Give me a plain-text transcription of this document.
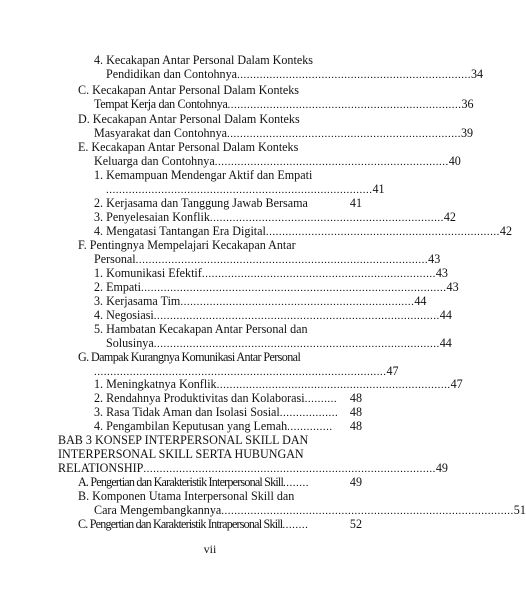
4. Kecakapan Antar Personal Dalam Konteks
Pendidikan dan Contohnya ........................................................................ 34
C. Kecakapan Antar Personal Dalam Konteks
Tempat Kerja dan Contohnya ........................................................................ 36
D. Kecakapan Antar Personal Dalam Konteks
Masyarakat dan Contohnya ........................................................................ 39
E. Kecakapan Antar Personal Dalam Konteks
Keluarga dan Contohnya ........................................................................ 40
1. Kemampuan Mendengar Aktif dan Empati
.................................................................................. 41
2. Kerjasama dan Tanggung Jawab Bersama	41
3. Penyelesaian Konflik ........................................................................ 42
4. Mengatasi Tantangan Era Digital ........................................................................ 42
F. Pentingnya Mempelajari Kecakapan Antar
Personal .......................................................................................... 43
1. Komunikasi Efektif ........................................................................ 43
2. Empati .............................................................................................. 43
3. Kerjasama Tim ........................................................................ 44
4. Negosiasi ........................................................................................ 44
5. Hambatan Kecakapan Antar Personal dan
Solusinya ........................................................................................ 44
G. Dampak Kurangnya Komunikasi Antar Personal
.......................................................................................... 47
1. Meningkatnya Konflik ........................................................................ 47
2. Rendahnya Produktivitas dan Kolaborasi ..........	48
3. Rasa Tidak Aman dan Isolasi Sosial .................. 48
4. Pengambilan Keputusan yang Lemah ..............	48
BAB 3 KONSEP INTERPERSONAL SKILL DAN
INTERPERSONAL SKILL SERTA HUBUNGAN
RELATIONSHIP .......................................................................................... 49
A. Pengertian dan Karakteristik Interpersonal Skill ........	49
B. Komponen Utama Interpersonal Skill dan
Cara Mengembangkannya .......................................................................................... 51
C. Pengertian dan Karakteristik Intrapersonal Skill ........	52
vii
